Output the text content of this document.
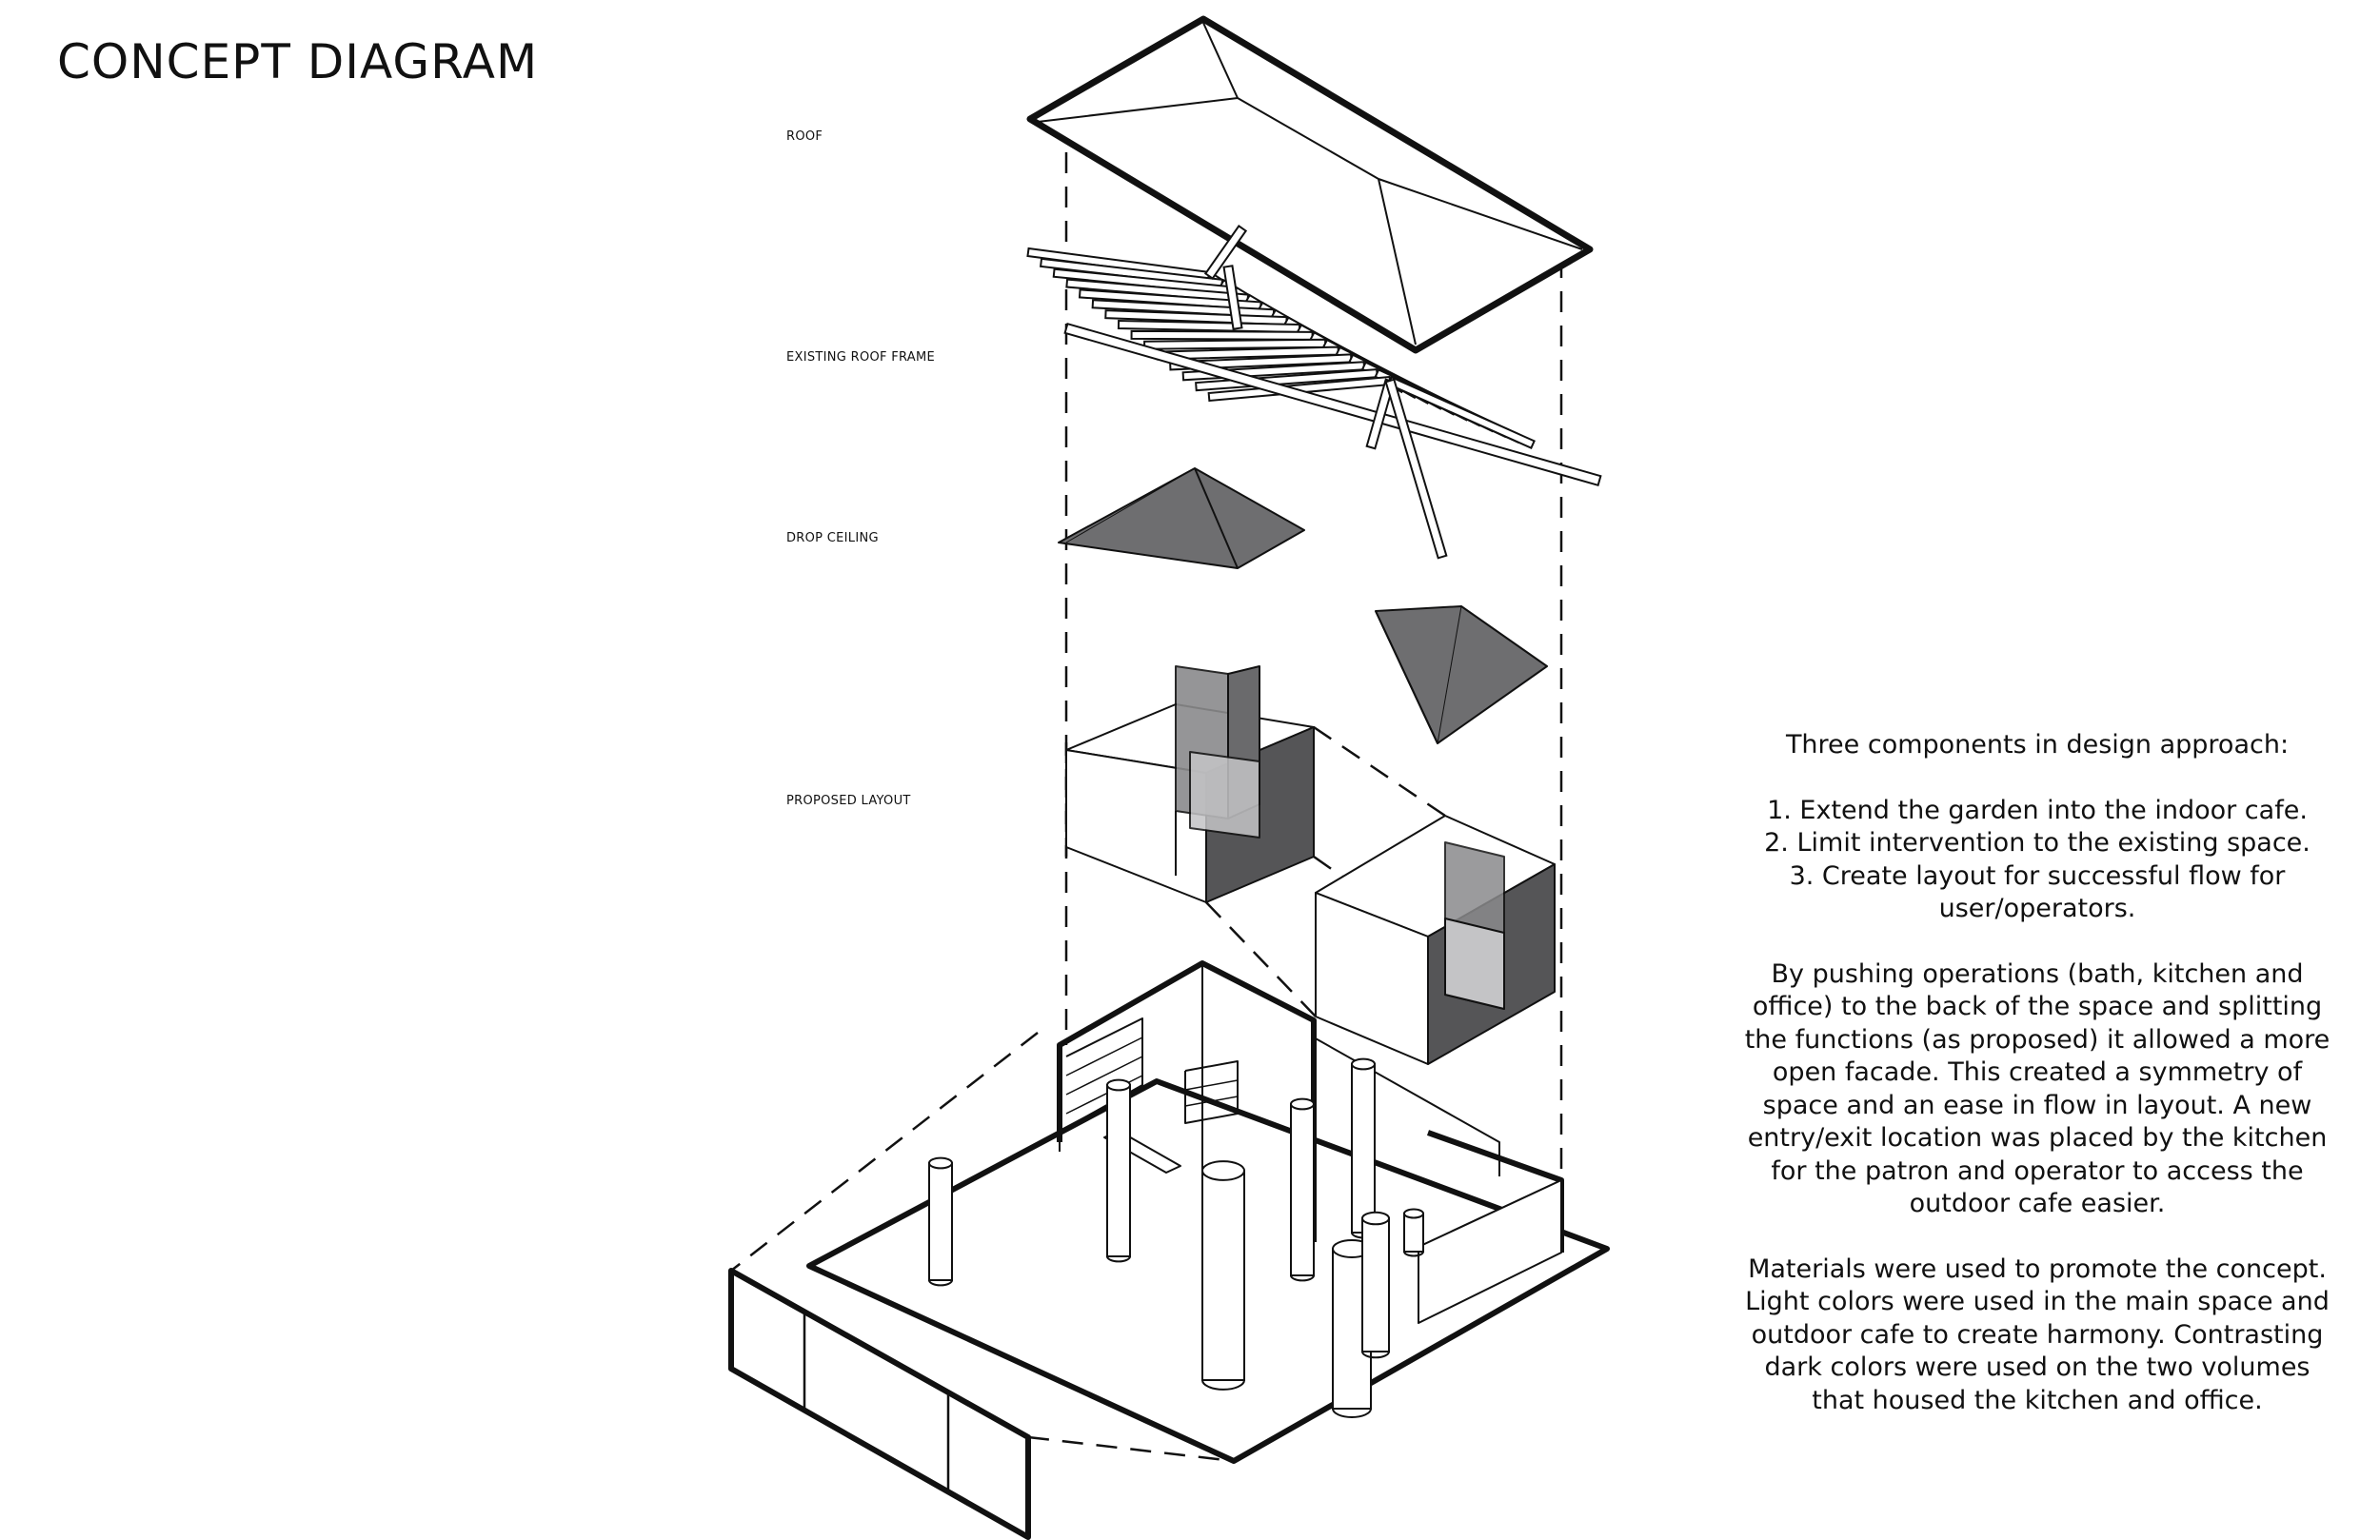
CONCEPT DIAGRAM
ROOF
EXISTING ROOF FRAME
DROP CEILING
PROPOSED LAYOUT

Three components in design approach:

1. Extend the garden into the indoor cafe.

2. Limit intervention to the existing space.

3. Create layout for successful flow for

user/operators.

By pushing operations (bath, kitchen and

office) to the back of the space and splitting

the functions (as proposed) it allowed a more

open facade. This created a symmetry of

space and an ease in flow in layout. A new

entry/exit location was placed by the kitchen

for the patron and operator to access the

outdoor cafe easier.

Materials were used to promote the concept.

Light colors were used in the main space and

outdoor cafe to create harmony. Contrasting

dark colors were used on the two volumes

that housed the kitchen and office.
